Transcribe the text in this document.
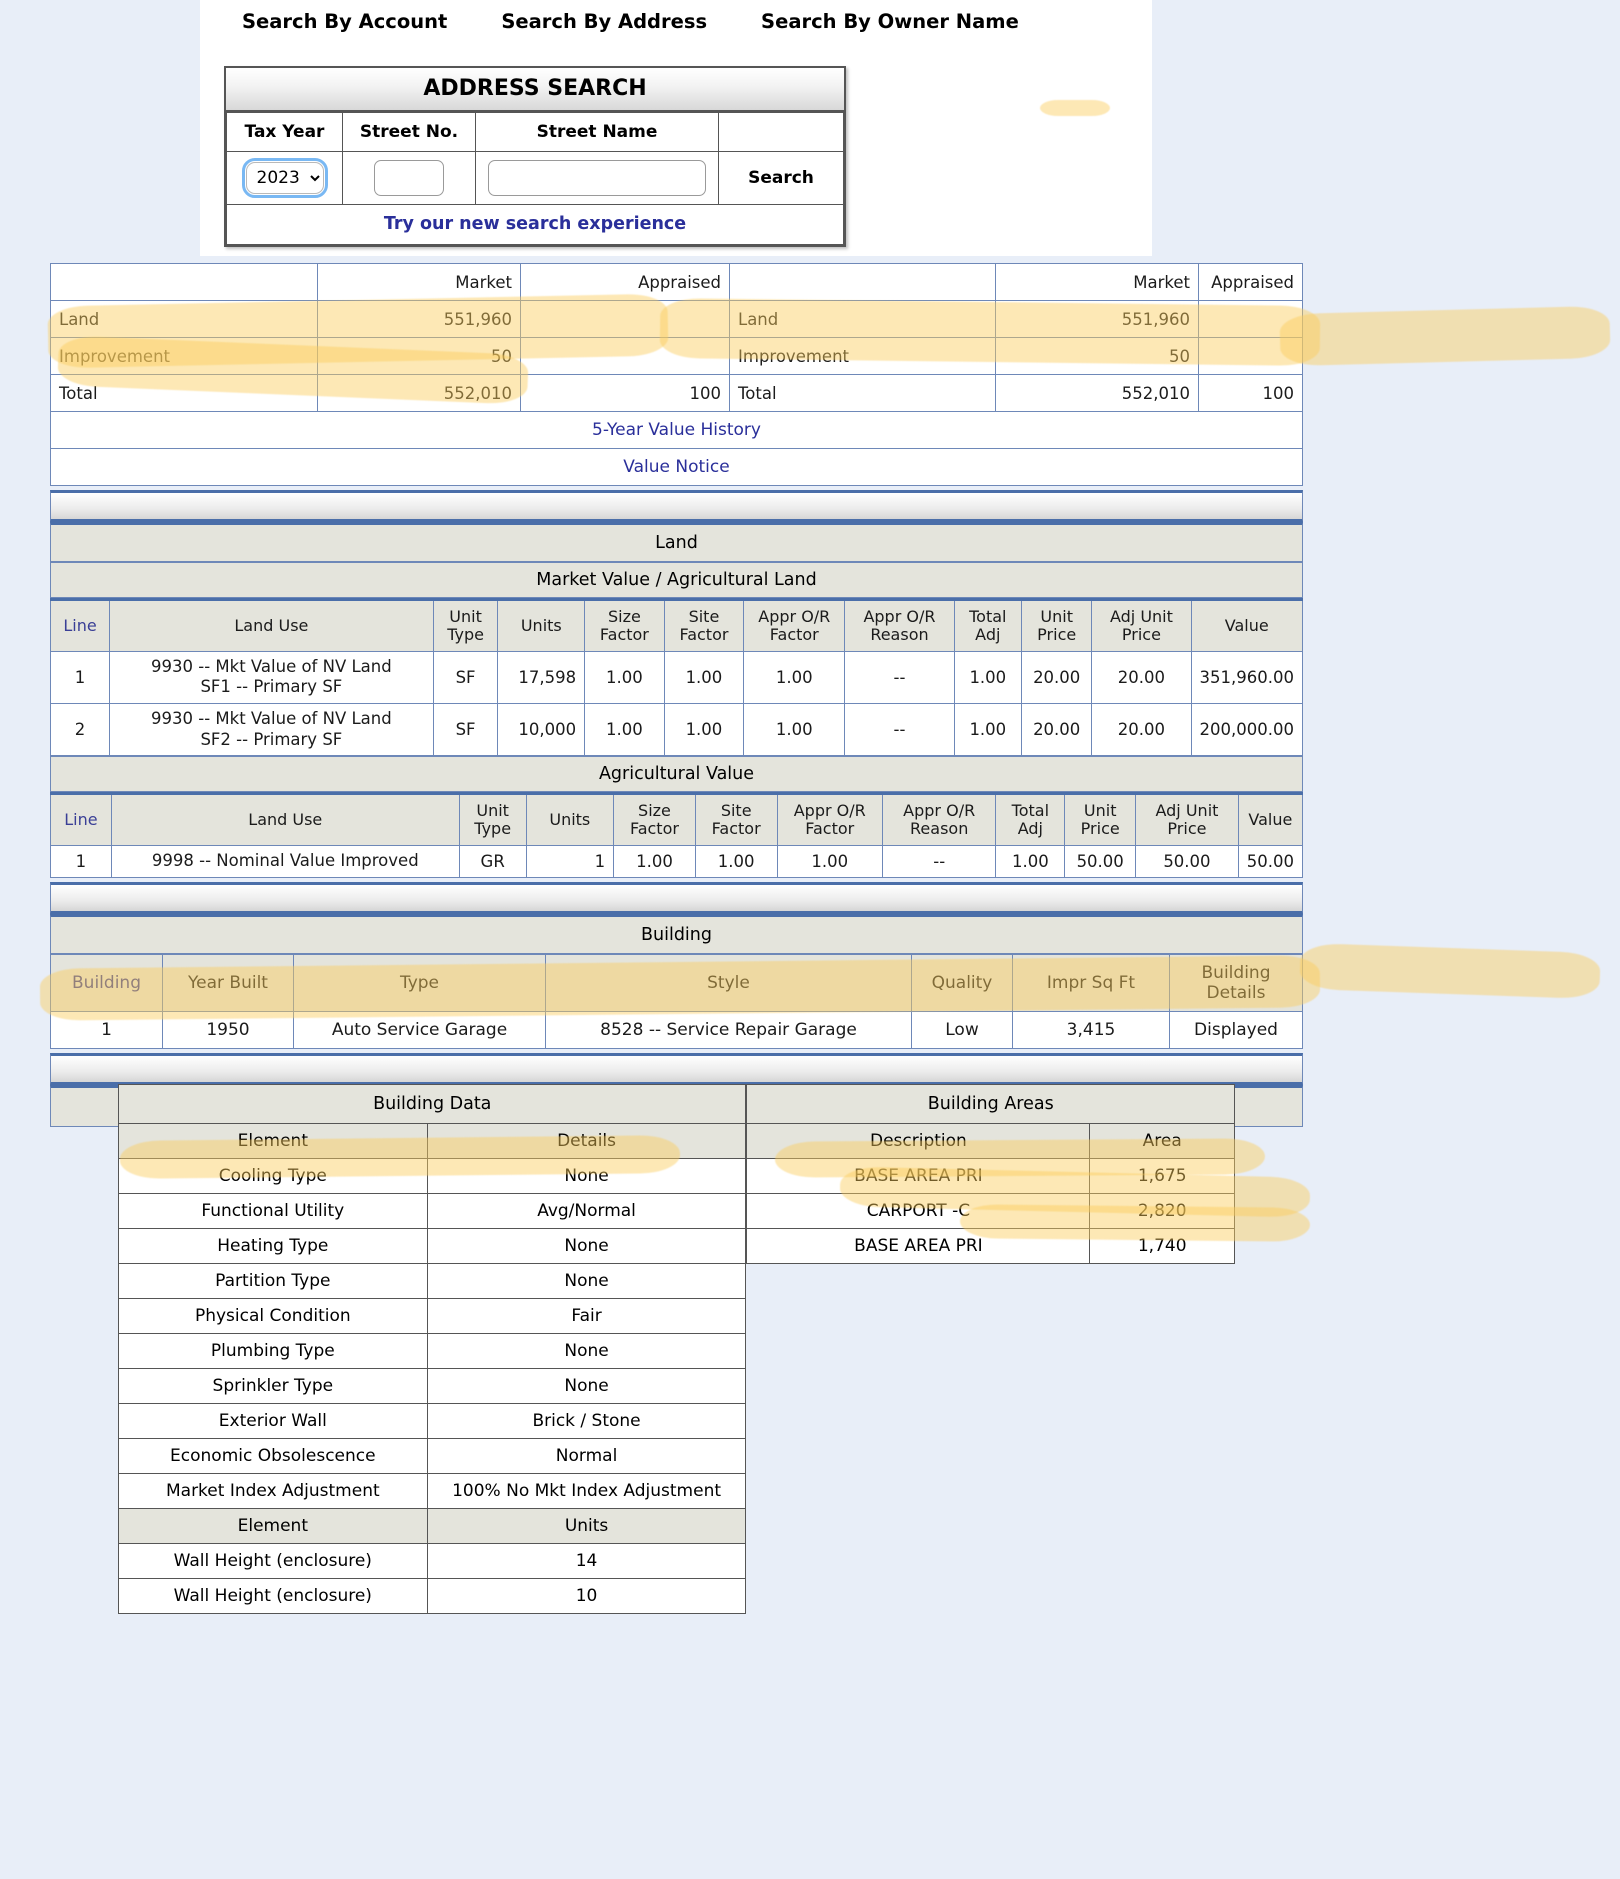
Search By Account	Search By Address	Search By Owner Name
ADDRESS SEARCH
Tax Year	Street No.	Street Name	

2023			Search
Try our new search experience
	Market	Appraised		Market	Appraised
Land	551,960		Land	551,960	
Improvement	50		Improvement	50	
Total	552,010	100	Total	552,010	100
5-Year Value History					
Value Notice					
Land
Market Value / Agricultural Land
Line	Land Use	Unit Type	Units	Size Factor	Site Factor	Appr O/R Factor	Appr O/R Reason	Total Adj	Unit Price	Adj Unit Price	Value
1	9930 -- Mkt Value of NV Land
SF1 -- Primary SF	SF	17,598	1.00	1.00	1.00	--	1.00	20.00	20.00	351,960.00
2	9930 -- Mkt Value of NV Land
SF2 -- Primary SF	SF	10,000	1.00	1.00	1.00	--	1.00	20.00	20.00	200,000.00
Agricultural Value
Line	Land Use	Unit Type	Units	Size Factor	Site Factor	Appr O/R Factor	Appr O/R Reason	Total Adj	Unit Price	Adj Unit Price	Value
1	9998 -- Nominal Value Improved	GR	1	1.00	1.00	1.00	--	1.00	50.00	50.00	50.00
Building
Building	Year Built	Type	Style	Quality	Impr Sq Ft	Building Details
1	1950	Auto Service Garage	8528 -- Service Repair Garage	Low	3,415	Displayed
Building Data	
Element	Details
Cooling Type	None
Functional Utility	Avg/Normal
Heating Type	None
Partition Type	None
Physical Condition	Fair
Plumbing Type	None
Sprinkler Type	None
Exterior Wall	Brick / Stone
Economic Obsolescence	Normal
Market Index Adjustment	100% No Mkt Index Adjustment
Element	Units
Wall Height (enclosure)	14
Wall Height (enclosure)	10
Building Areas	
Description	Area
BASE AREA PRI	1,675
CARPORT -C	2,820
BASE AREA PRI	1,740
